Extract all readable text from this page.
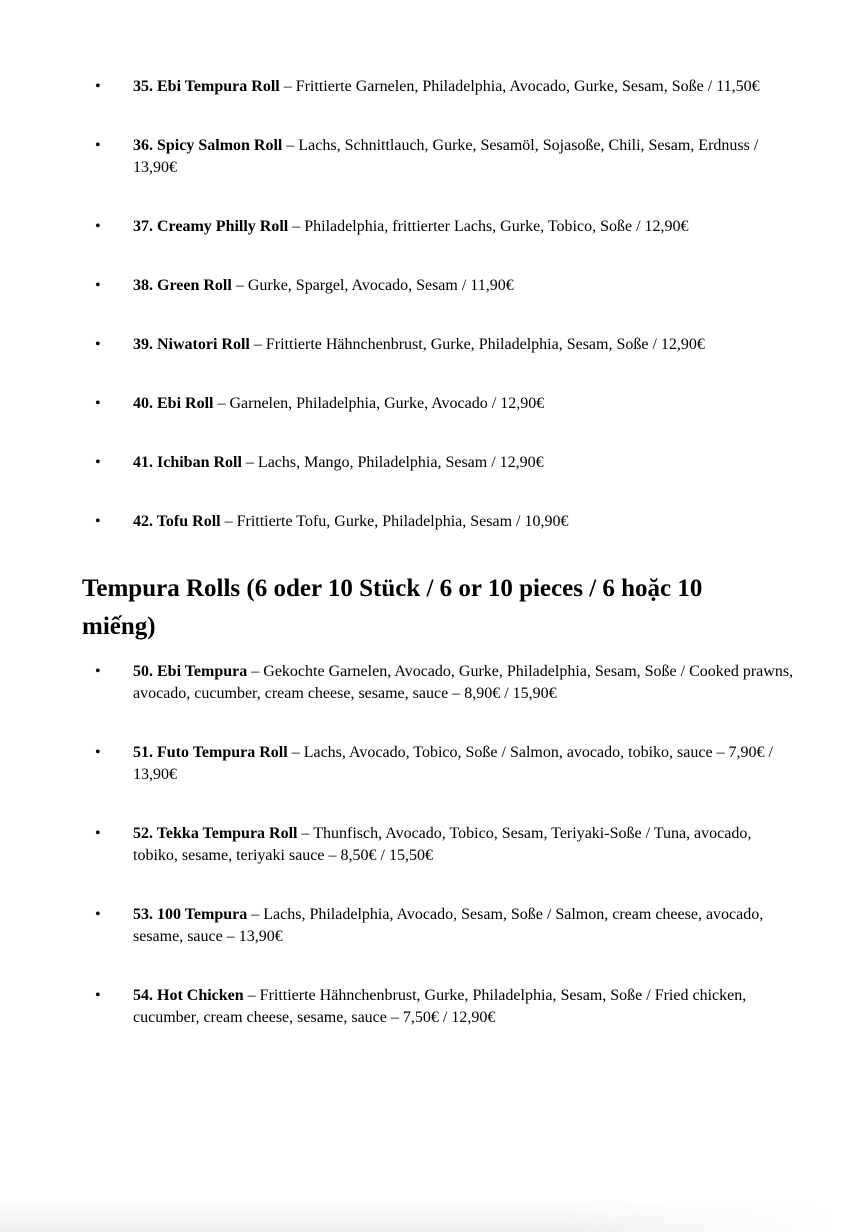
• 35. Ebi Tempura Roll – Frittierte Garnelen, Philadelphia, Avocado, Gurke, Sesam, Soße / 11,50€
• 36. Spicy Salmon Roll – Lachs, Schnittlauch, Gurke, Sesamöl, Sojasoße, Chili, Sesam, Erdnuss / 13,90€
• 37. Creamy Philly Roll – Philadelphia, frittierter Lachs, Gurke, Tobico, Soße / 12,90€
• 38. Green Roll – Gurke, Spargel, Avocado, Sesam / 11,90€
• 39. Niwatori Roll – Frittierte Hähnchenbrust, Gurke, Philadelphia, Sesam, Soße / 12,90€
• 40. Ebi Roll – Garnelen, Philadelphia, Gurke, Avocado / 12,90€
• 41. Ichiban Roll – Lachs, Mango, Philadelphia, Sesam / 12,90€
• 42. Tofu Roll – Frittierte Tofu, Gurke, Philadelphia, Sesam / 10,90€
Tempura Rolls (6 oder 10 Stück / 6 or 10 pieces / 6 hoặc 10 miếng)
• 50. Ebi Tempura – Gekochte Garnelen, Avocado, Gurke, Philadelphia, Sesam, Soße / Cooked prawns, avocado, cucumber, cream cheese, sesame, sauce – 8,90€ / 15,90€
• 51. Futo Tempura Roll – Lachs, Avocado, Tobico, Soße / Salmon, avocado, tobiko, sauce – 7,90€ / 13,90€
• 52. Tekka Tempura Roll – Thunfisch, Avocado, Tobico, Sesam, Teriyaki-Soße / Tuna, avocado, tobiko, sesame, teriyaki sauce – 8,50€ / 15,50€
• 53. 100 Tempura – Lachs, Philadelphia, Avocado, Sesam, Soße / Salmon, cream cheese, avocado, sesame, sauce – 13,90€
• 54. Hot Chicken – Frittierte Hähnchenbrust, Gurke, Philadelphia, Sesam, Soße / Fried chicken, cucumber, cream cheese, sesame, sauce – 7,50€ / 12,90€
